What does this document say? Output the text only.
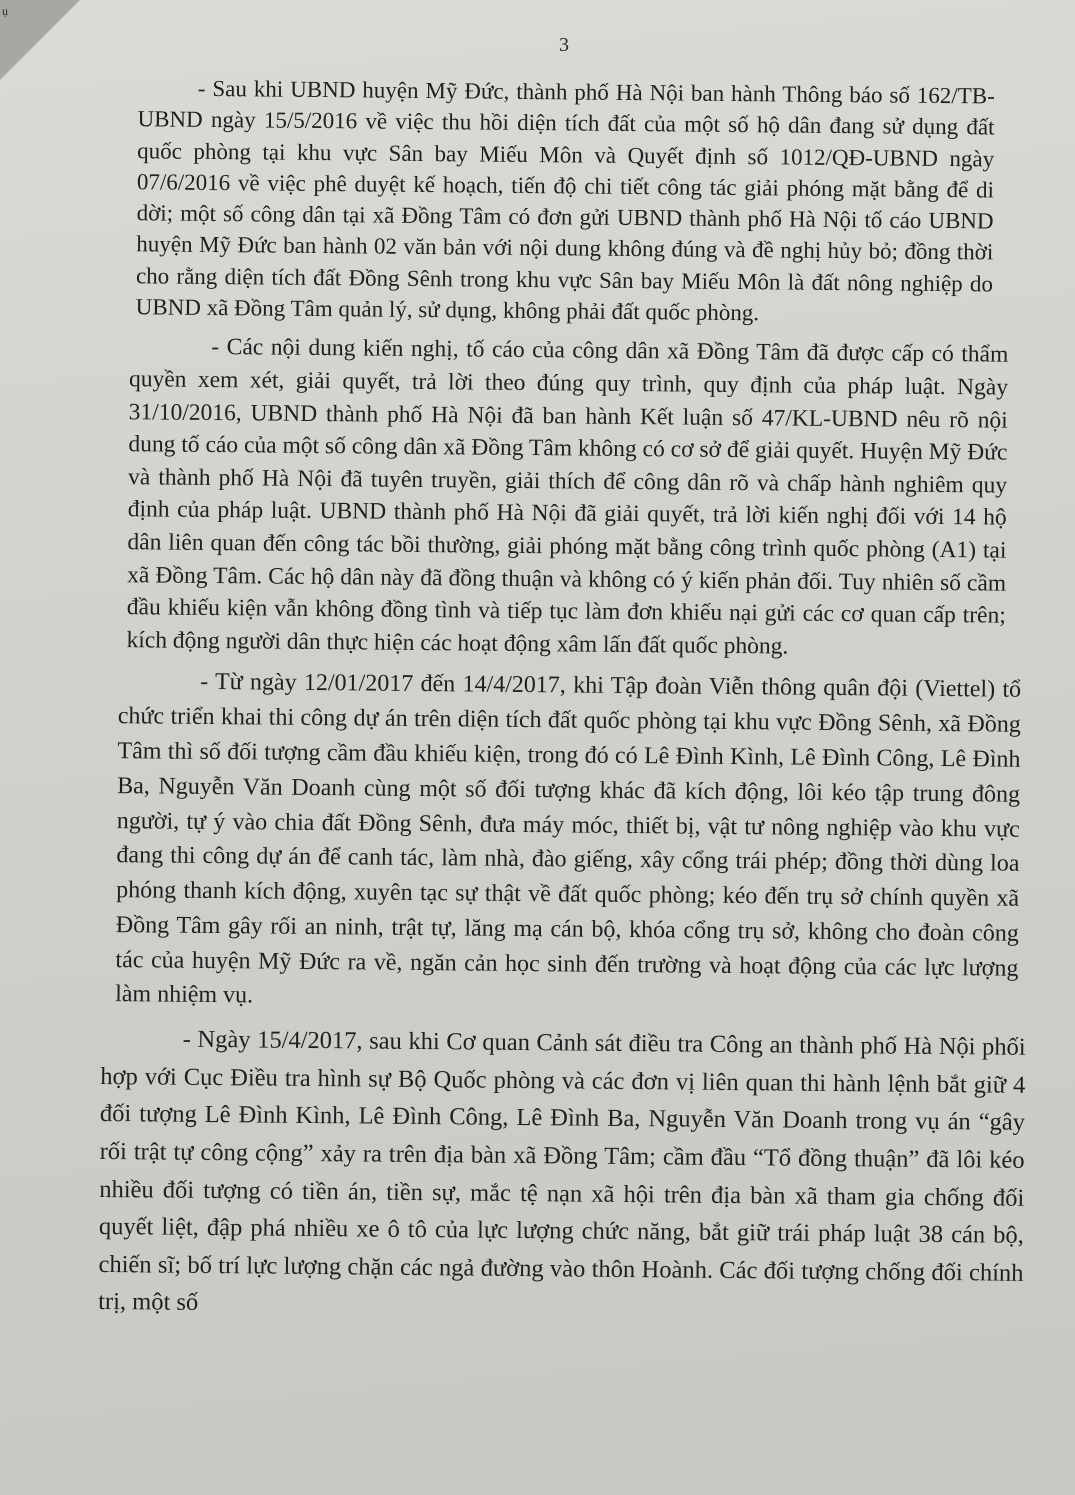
ụ
3

- Sau khi UBND huyện Mỹ Đức, thành phố Hà Nội ban hành Thông báo số 162/TB-UBND ngày 15/5/2016 về việc thu hồi diện tích đất của một số hộ dân đang sử dụng đất quốc phòng tại khu vực Sân bay Miếu Môn và Quyết định số 1012/QĐ-UBND ngày 07/6/2016 về việc phê duyệt kế hoạch, tiến độ chi tiết công tác giải phóng mặt bằng để di dời; một số công dân tại xã Đồng Tâm có đơn gửi UBND thành phố Hà Nội tố cáo UBND huyện Mỹ Đức ban hành 02 văn bản với nội dung không đúng và đề nghị hủy bỏ; đồng thời cho rằng diện tích đất Đồng Sênh trong khu vực Sân bay Miếu Môn là đất nông nghiệp do UBND xã Đồng Tâm quản lý, sử dụng, không phải đất quốc phòng.

- Các nội dung kiến nghị, tố cáo của công dân xã Đồng Tâm đã được cấp có thẩm quyền xem xét, giải quyết, trả lời theo đúng quy trình, quy định của pháp luật. Ngày 31/10/2016, UBND thành phố Hà Nội đã ban hành Kết luận số 47/KL-UBND nêu rõ nội dung tố cáo của một số công dân xã Đồng Tâm không có cơ sở để giải quyết. Huyện Mỹ Đức và thành phố Hà Nội đã tuyên truyền, giải thích để công dân rõ và chấp hành nghiêm quy định của pháp luật. UBND thành phố Hà Nội đã giải quyết, trả lời kiến nghị đối với 14 hộ dân liên quan đến công tác bồi thường, giải phóng mặt bằng công trình quốc phòng (A1) tại xã Đồng Tâm. Các hộ dân này đã đồng thuận và không có ý kiến phản đối. Tuy nhiên số cầm đầu khiếu kiện vẫn không đồng tình và tiếp tục làm đơn khiếu nại gửi các cơ quan cấp trên; kích động người dân thực hiện các hoạt động xâm lấn đất quốc phòng.

- Từ ngày 12/01/2017 đến 14/4/2017, khi Tập đoàn Viễn thông quân đội (Viettel) tổ chức triển khai thi công dự án trên diện tích đất quốc phòng tại khu vực Đồng Sênh, xã Đồng Tâm thì số đối tượng cầm đầu khiếu kiện, trong đó có Lê Đình Kình, Lê Đình Công, Lê Đình Ba, Nguyễn Văn Doanh cùng một số đối tượng khác đã kích động, lôi kéo tập trung đông người, tự ý vào chia đất Đồng Sênh, đưa máy móc, thiết bị, vật tư nông nghiệp vào khu vực đang thi công dự án để canh tác, làm nhà, đào giếng, xây cổng trái phép; đồng thời dùng loa phóng thanh kích động, xuyên tạc sự thật về đất quốc phòng; kéo đến trụ sở chính quyền xã Đồng Tâm gây rối an ninh, trật tự, lăng mạ cán bộ, khóa cổng trụ sở, không cho đoàn công tác của huyện Mỹ Đức ra về, ngăn cản học sinh đến trường và hoạt động của các lực lượng làm nhiệm vụ.

- Ngày 15/4/2017, sau khi Cơ quan Cảnh sát điều tra Công an thành phố Hà Nội phối hợp với Cục Điều tra hình sự Bộ Quốc phòng và các đơn vị liên quan thi hành lệnh bắt giữ 4 đối tượng Lê Đình Kình, Lê Đình Công, Lê Đình Ba, Nguyễn Văn Doanh trong vụ án “gây rối trật tự công cộng” xảy ra trên địa bàn xã Đồng Tâm; cầm đầu “Tổ đồng thuận” đã lôi kéo nhiều đối tượng có tiền án, tiền sự, mắc tệ nạn xã hội trên địa bàn xã tham gia chống đối quyết liệt, đập phá nhiều xe ô tô của lực lượng chức năng, bắt giữ trái pháp luật 38 cán bộ, chiến sĩ; bố trí lực lượng chặn các ngả đường vào thôn Hoành. Các đối tượng chống đối chính trị, một số
